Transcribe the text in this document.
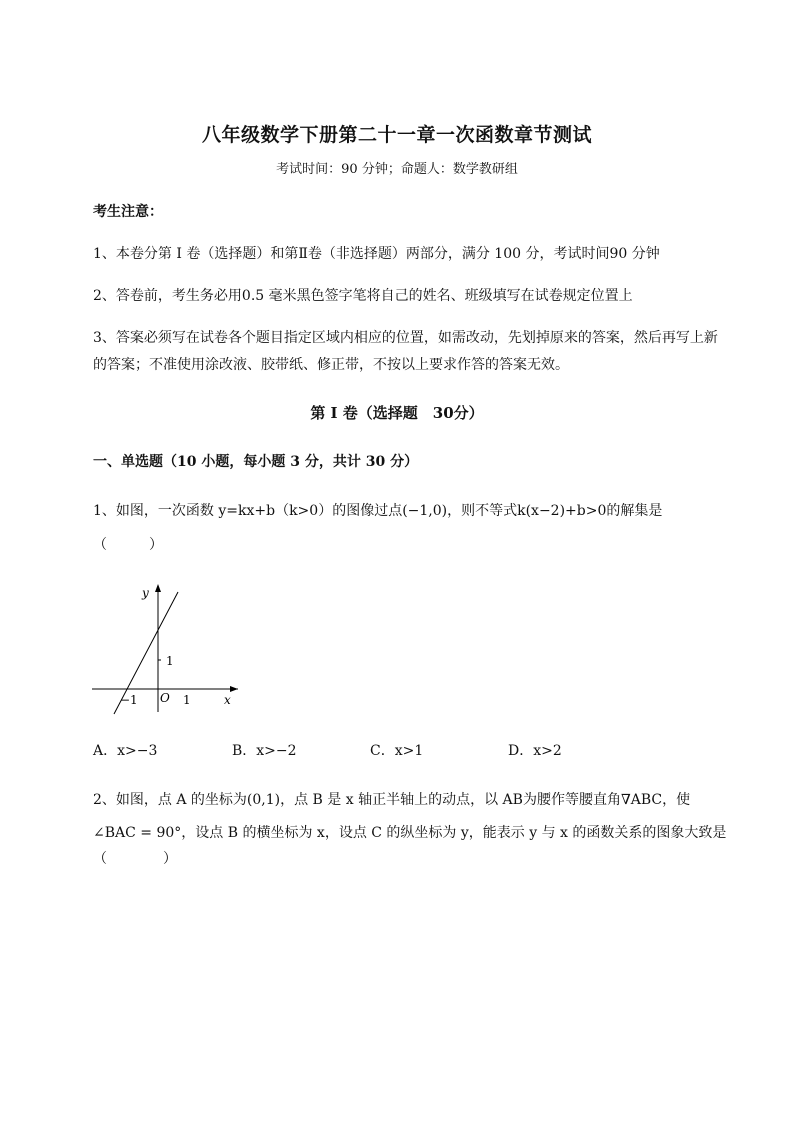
八年级数学下册第二十一章一次函数章节测试
考试时间：90 分钟；命题人：数学教研组
考生注意：
1、本卷分第 I 卷（选择题）和第Ⅱ卷（非选择题）两部分，满分 100 分，考试时间90 分钟
2、答卷前，考生务必用0.5 毫米黑色签字笔将自己的姓名、班级填写在试卷规定位置上
3、答案必须写在试卷各个题目指定区域内相应的位置，如需改动，先划掉原来的答案，然后再写上新
的答案；不准使用涂改液、胶带纸、修正带，不按以上要求作答的答案无效。
第 I 卷（选择题　30分）
一、单选题（10 小题，每小题 3 分，共计 30 分）
1、如图，一次函数 y=kx+b（k>0）的图像过点(−1,0)，则不等式k(x−2)+b>0的解集是
（　　　）
y
x
O
−1	1
1
A．x>−3	B．x>−2	C．x>1	D．x>2
2、如图，点 A 的坐标为(0,1)，点 B 是 x 轴正半轴上的动点，以 AB为腰作等腰直角∇ABC，使
∠BAC = 90°，设点 B 的横坐标为 x，设点 C 的纵坐标为 y，能表示 y 与 x 的函数关系的图象大致是
（　　　　）
